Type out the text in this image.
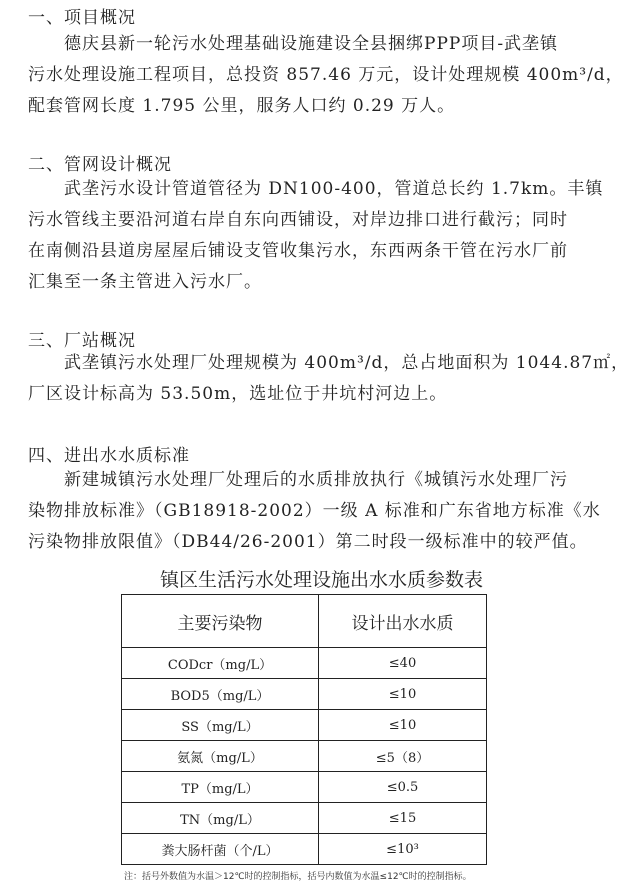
一、项目概况
德庆县新一轮污水处理基础设施建设全县捆绑PPP项目-武垄镇
污水处理设施工程项目，总投资 857.46 万元，设计处理规模 400m³/d，
配套管网长度 1.795 公里，服务人口约 0.29 万人。
二、管网设计概况
武垄污水设计管道管径为 DN100-400，管道总长约 1.7km。丰镇
污水管线主要沿河道右岸自东向西铺设，对岸边排口进行截污；同时
在南侧沿县道房屋屋后铺设支管收集污水，东西两条干管在污水厂前
汇集至一条主管进入污水厂。
三、厂站概况
武垄镇污水处理厂处理规模为 400m³/d，总占地面积为 1044.87㎡，
厂区设计标高为 53.50m，选址位于井坑村河边上。
四、进出水水质标准
新建城镇污水处理厂处理后的水质排放执行《城镇污水处理厂污
染物排放标准》（GB18918-2002）一级 A 标准和广东省地方标准《水
污染物排放限值》（DB44/26-2001）第二时段一级标准中的较严值。
镇区生活污水处理设施出水水质参数表
主要污染物	设计出水水质
CODcr（mg/L）	≤40
BOD5（mg/L）	≤10
SS（mg/L）	≤10
氨氮（mg/L）	≤5（8）
TP（mg/L）	≤0.5
TN（mg/L）	≤15
粪大肠杆菌（个/L）	≤10³
注：括号外数值为水温＞12℃时的控制指标，括号内数值为水温≤12℃时的控制指标。
